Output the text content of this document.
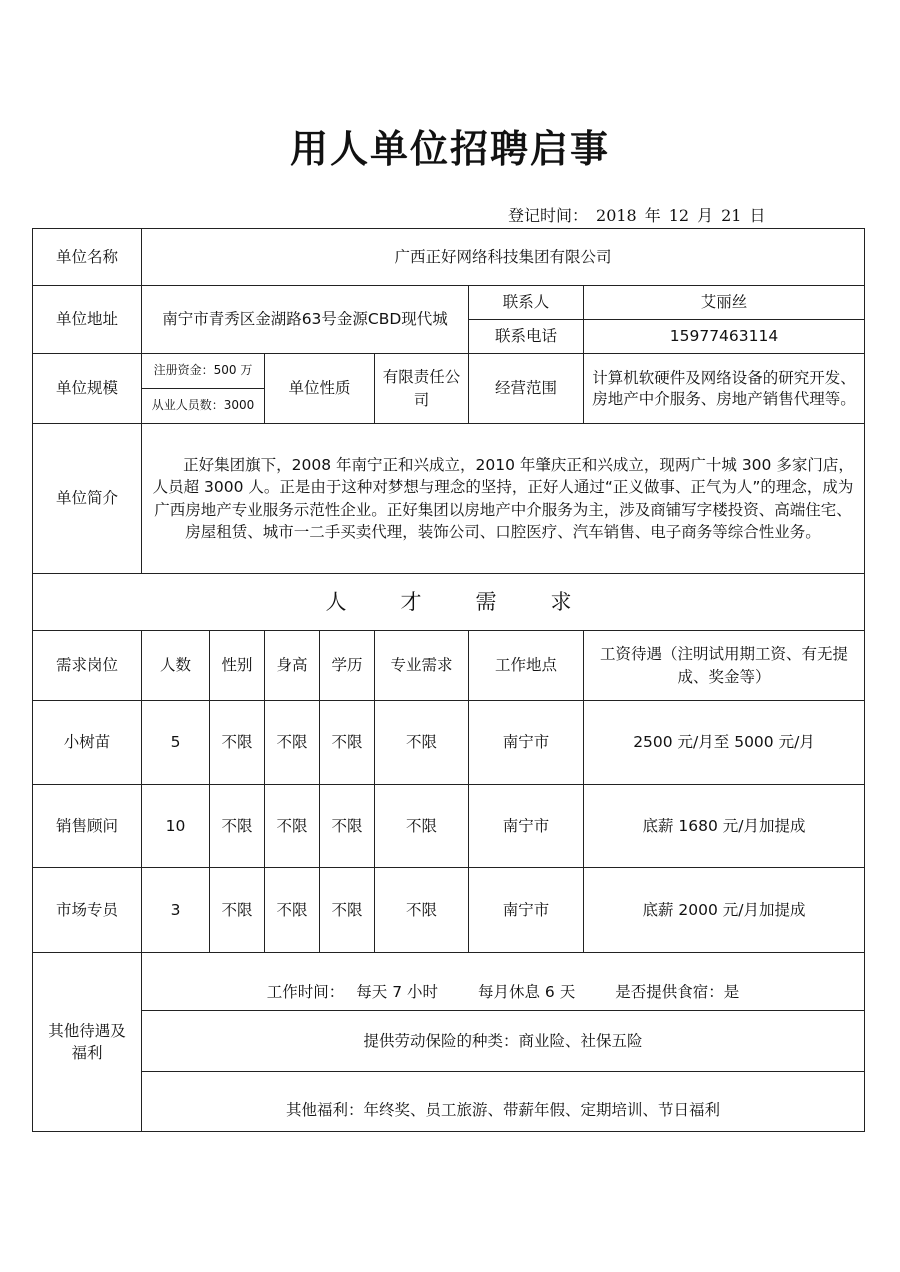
用人单位招聘启事
登记时间： 2018 年 12 月 21 日
单位名称	广西正好网络科技集团有限公司						
单位地址	南宁市青秀区金湖路63号金源CBD现代城					联系人	艾丽丝
						联系电话	15977463114
单位规模	注册资金：500 万		单位性质		有限责任公司	经营范围	计算机软硬件及网络设备的研究开发、房地产中介服务、房地产销售代理等。
	从业人员数：3000						
单位简介	正好集团旗下，2008 年南宁正和兴成立，2010 年肇庆正和兴成立，现两广十城 300 多家门店，人员超 3000 人。正是由于这种对梦想与理念的坚持，正好人通过“正义做事、正气为人”的理念，成为广西房地产专业服务示范性企业。正好集团以房地产中介服务为主，涉及商铺写字楼投资、高端住宅、房屋租赁、城市一二手买卖代理，装饰公司、口腔医疗、汽车销售、电子商务等综合性业务。						

人 才 需 求							
需求岗位	人数	性别	身高	学历	专业需求	工作地点	工资待遇（注明试用期工资、有无提成、奖金等）
小树苗	5	不限	不限	不限	不限	南宁市	2500 元/月至 5000 元/月
销售顾问	10	不限	不限	不限	不限	南宁市	底薪 1680 元/月加提成
市场专员	3	不限	不限	不限	不限	南宁市	底薪 2000 元/月加提成
其他待遇及福利	工作时间： 每天 7 小时 每月休息 6 天 是否提供食宿：是						
	提供劳动保险的种类：商业险、社保五险						
	其他福利：年终奖、员工旅游、带薪年假、定期培训、节日福利						
